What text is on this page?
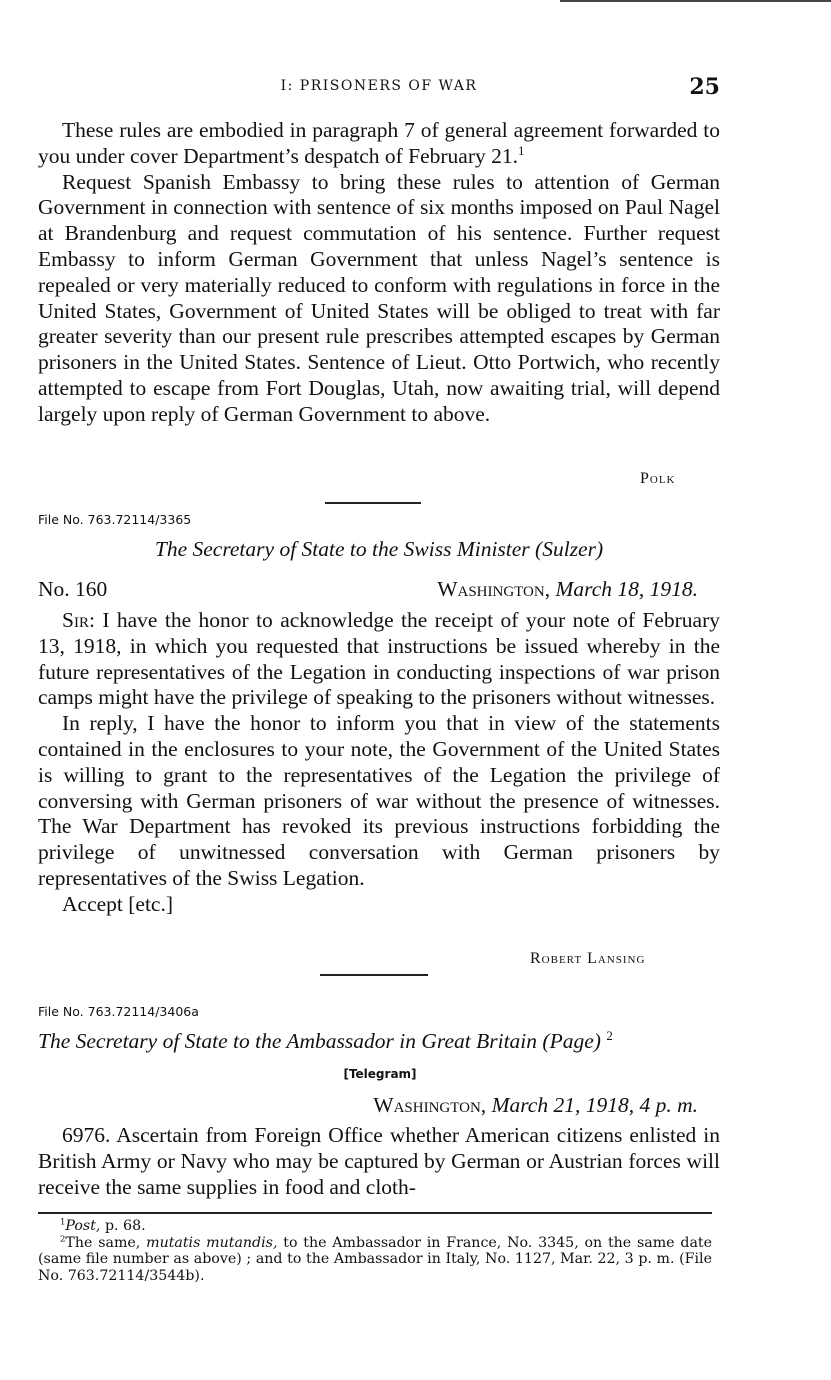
I: PRISONERS OF WAR	25

These rules are embodied in paragraph 7 of general agreement forwarded to you under cover Department’s despatch of February 21.$^1$

Request Spanish Embassy to bring these rules to attention of German Government in connection with sentence of six months imposed on Paul Nagel at Brandenburg and request commutation of his sentence. Further request Embassy to inform German Government that unless Nagel’s sentence is repealed or very materially reduced to conform with regulations in force in the United States, Government of United States will be obliged to treat with far greater severity than our present rule prescribes attempted escapes by German prisoners in the United States. Sentence of Lieut. Otto Portwich, who recently attempted to escape from Fort Douglas, Utah, now awaiting trial, will depend largely upon reply of German Government to above.

Polk
File No. 763.72114/3365
The Secretary of State to the Swiss Minister (Sulzer)
No. 160	Washington, March 18, 1918.

Sir: I have the honor to acknowledge the receipt of your note of February 13, 1918, in which you requested that instructions be issued whereby in the future representatives of the Legation in conducting inspections of war prison camps might have the privilege of speaking to the prisoners without witnesses.

In reply, I have the honor to inform you that in view of the statements contained in the enclosures to your note, the Government of the United States is willing to grant to the representatives of the Legation the privilege of conversing with German prisoners of war without the presence of witnesses. The War Department has revoked its previous instructions forbidding the privilege of unwitnessed conversation with German prisoners by representatives of the Swiss Legation.

Accept [etc.]

Robert Lansing
File No. 763.72114/3406a
The Secretary of State to the Ambassador in Great Britain (Page) $^2$
[Telegram]
Washington, March 21, 1918, 4 p. m.

6976. Ascertain from Foreign Office whether American citizens enlisted in British Army or Navy who may be captured by German or Austrian forces will receive the same supplies in food and cloth-

$^1$Post, p. 68.

$^2$The same, mutatis mutandis, to the Ambassador in France, No. 3345, on the same date (same file number as above) ; and to the Ambassador in Italy, No. 1127, Mar. 22, 3 p. m. (File No. 763.72114/3544b).
